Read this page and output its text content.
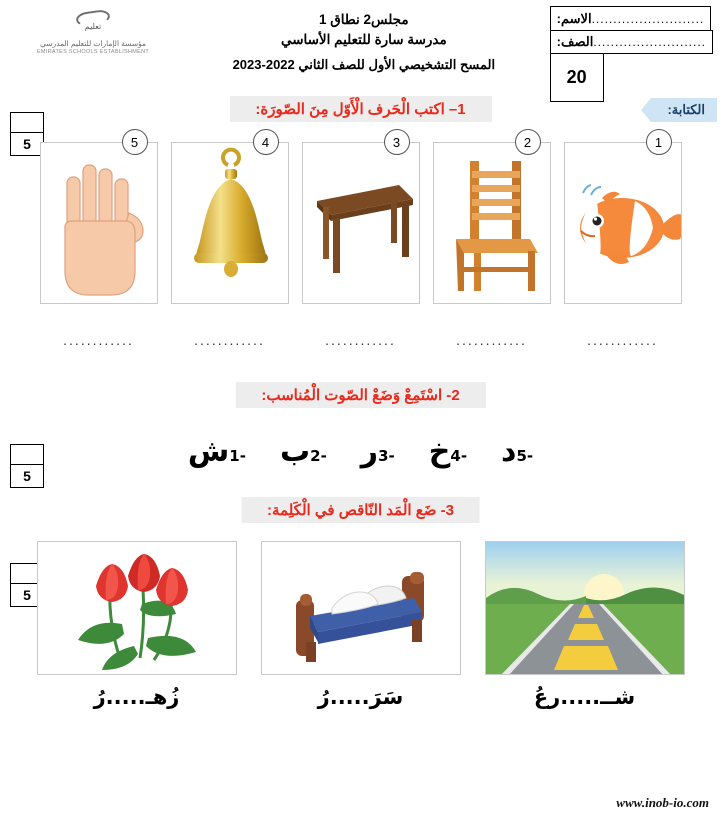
الاسم: ..........................
الصف: ..........................
20
مجلس2 نطاق 1
مدرسة سارة للتعليم الأساسي
المسح التشخيصي الأول للصف الثاني 2022-2023
تعليم
مؤسسة الإمارات للتعليم المدرسي
EMIRATES SCHOOLS ESTABLISHMENT
1– اكتب الْحَرف الْأَوّل مِنَ الصّورَة:	الكتابة:
5	1
............
2
............
3
............
4
............
5
............
2- اسْتَمِعْ وَضَعْ الصّوت الْمُناسب:
5
-1ش	-2ب	-3ر	-4خ	-5د
3- ضَع الْمَد النّاقص في الْكَلِمة:
5
شــ.....رعُ
سَرَ.....رُ
زُهـ.....رُ
www.inob-io.com
